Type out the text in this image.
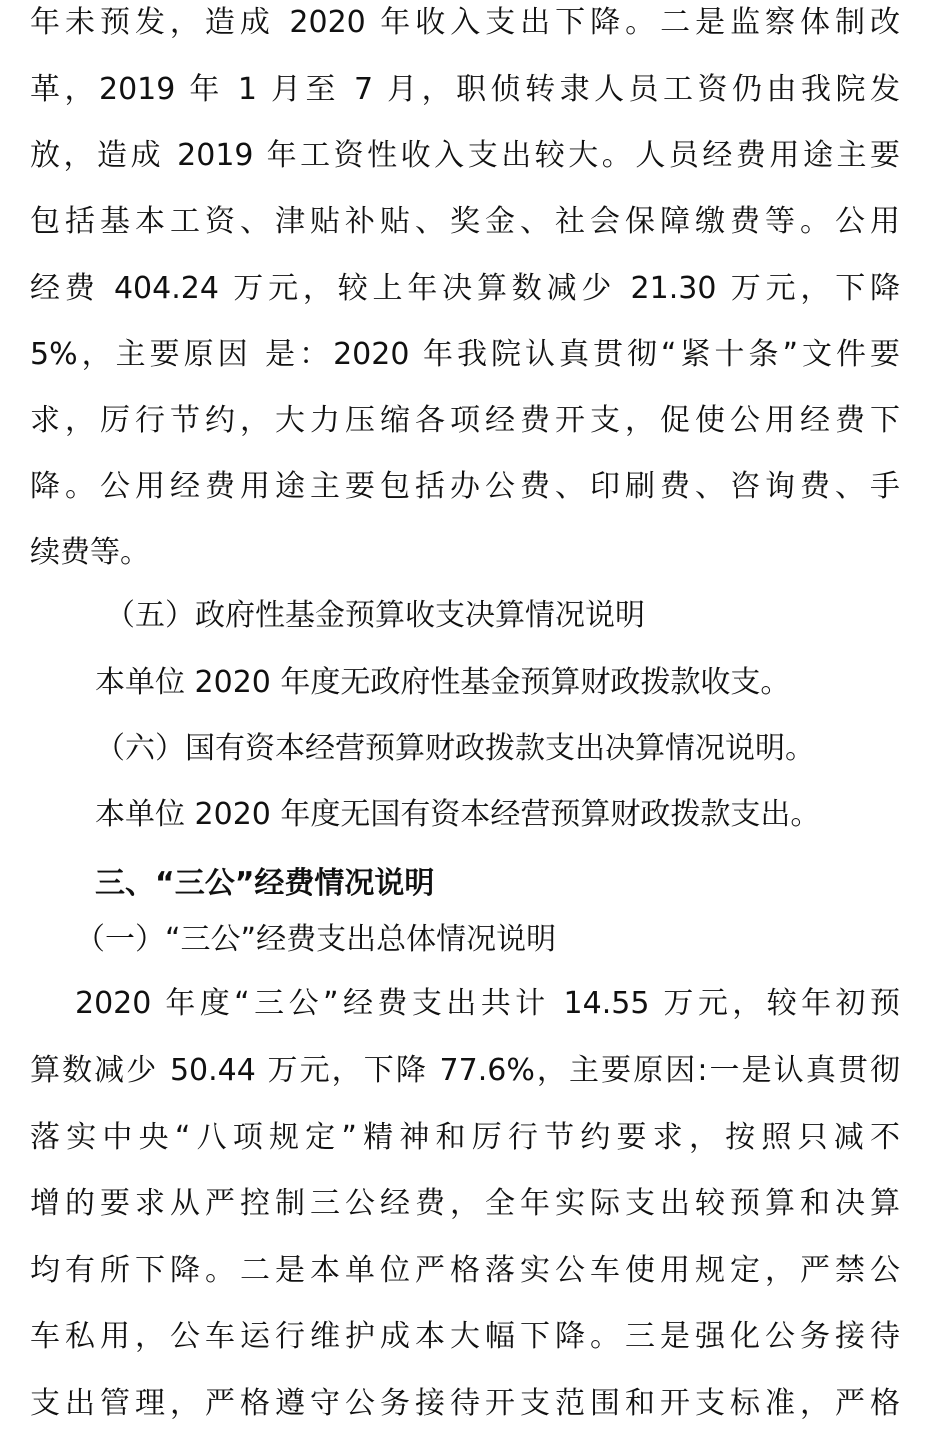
年未预发，造成 2020 年收入支出下降。二是监察体制改
革，2019 年 1 月至 7 月，职侦转隶人员工资仍由我院发
放，造成 2019 年工资性收入支出较大。人员经费用途主要
包括基本工资、津贴补贴、奖金、社会保障缴费等。公用
经费 404.24 万元，较上年决算数减少 21.30 万元，下降
5%，主要原因 是：2020 年我院认真贯彻“紧十条”文件要
求，厉行节约，大力压缩各项经费开支，促使公用经费下
降。公用经费用途主要包括办公费、印刷费、咨询费、手
续费等。
（五）政府性基金预算收支决算情况说明
本单位 2020 年度无政府性基金预算财政拨款收支。
（六）国有资本经营预算财政拨款支出决算情况说明。
本单位 2020 年度无国有资本经营预算财政拨款支出。
三、“三公”经费情况说明
（一）“三公”经费支出总体情况说明
2020 年度“三公”经费支出共计 14.55 万元，较年初预
算数减少 50.44 万元，下降 77.6%，主要原因:一是认真贯彻
落实中央“八项规定”精神和厉行节约要求，按照只减不
增的要求从严控制三公经费，全年实际支出较预算和决算
均有所下降。二是本单位严格落实公车使用规定，严禁公
车私用，公车运行维护成本大幅下降。三是强化公务接待
支出管理，严格遵守公务接待开支范围和开支标准，严格
